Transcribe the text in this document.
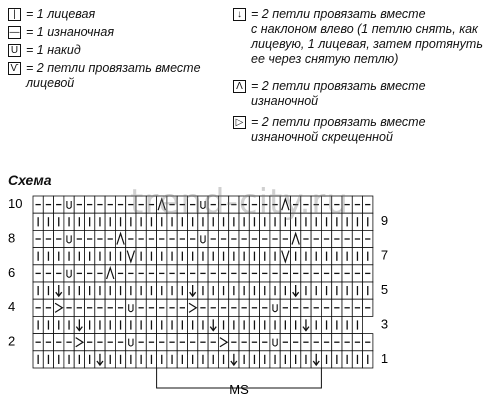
| = 1 лицевая
— = 1 изнаночная
U = 1 накид
Ѵ = 2 петли провязать вместе
лицевой
↓ = 2 петли провязать вместе
с наклоном влево (1 петлю снять, как
лицевую, 1 лицевая, затем протянуть
ее через снятую петлю)
Λ = 2 петли провязать вместе
изнаночной
▷ = 2 петли провязать вместе
изнаночной скрещенной
Схема
10
8
6
4
2
9
7
5
3
1
MS
trend-city.ru
